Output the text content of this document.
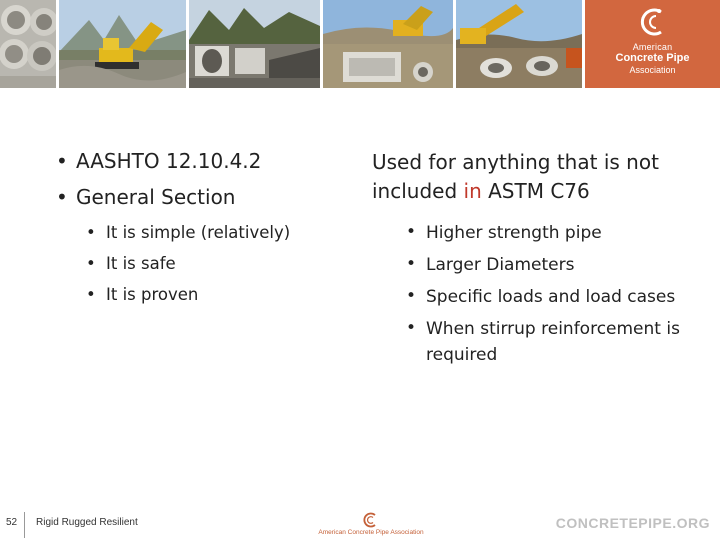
American
Concrete Pipe
Association
• AASHTO 12.10.4.2
• General Section
• It is simple (relatively)
• It is safe
• It is proven

Used for anything that is not included in ASTM C76

• Higher strength pipe
• Larger Diameters
• Specific loads and load cases
• When stirrup reinforcement is required
52 Rigid Rugged Resilient
American Concrete Pipe Association
CONCRETEPIPE.ORG
